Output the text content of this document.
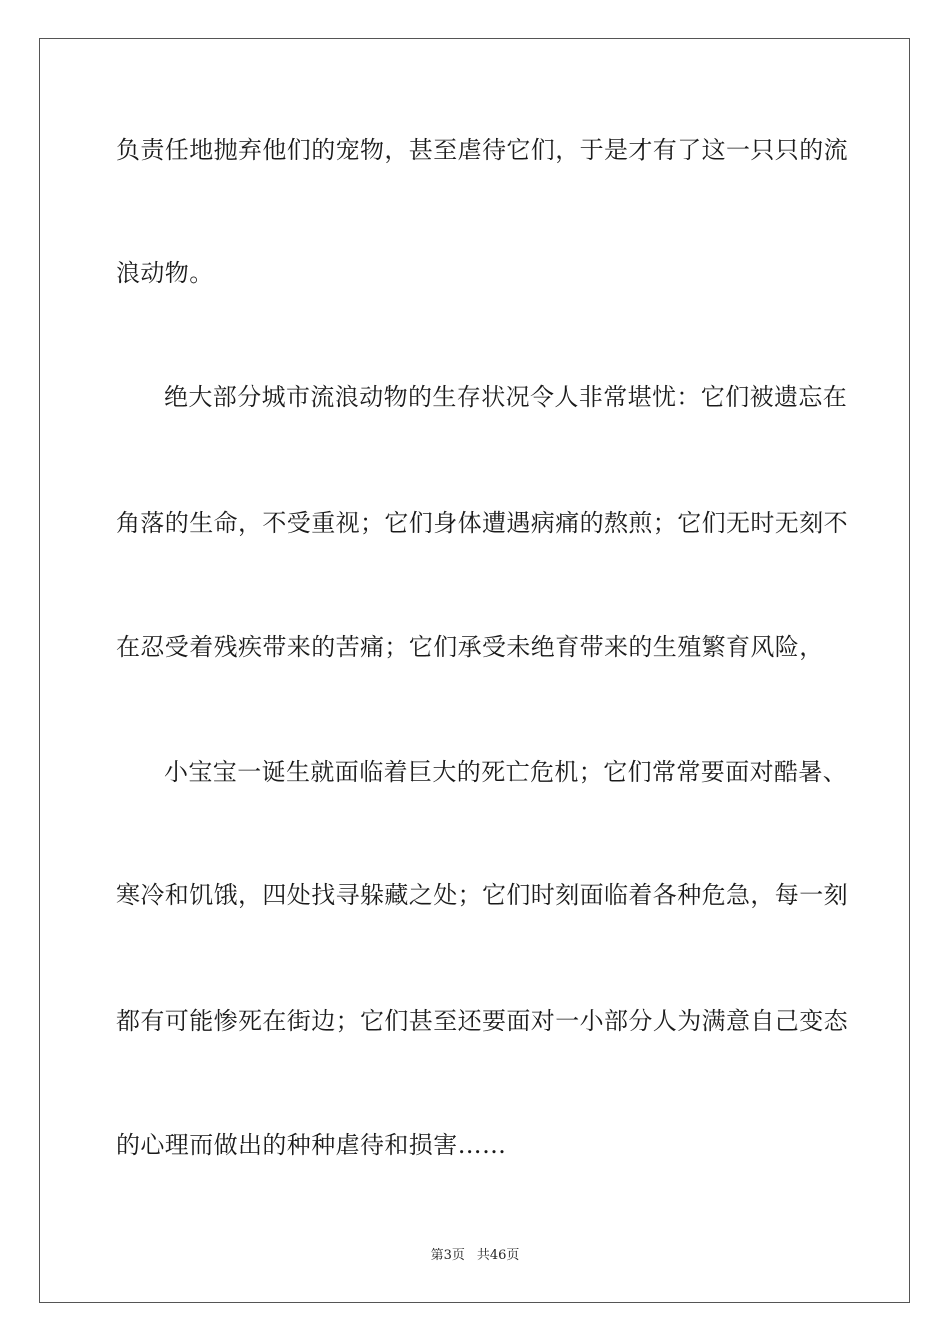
负责任地抛弃他们的宠物，甚至虐待它们，于是才有了这一只只的流
浪动物。
绝大部分城市流浪动物的生存状况令人非常堪忧：它们被遗忘在
角落的生命，不受重视；它们身体遭遇病痛的熬煎；它们无时无刻不
在忍受着残疾带来的苦痛；它们承受未绝育带来的生殖繁育风险，
小宝宝一诞生就面临着巨大的死亡危机；它们常常要面对酷暑、
寒冷和饥饿，四处找寻躲藏之处；它们时刻面临着各种危急，每一刻
都有可能惨死在街边；它们甚至还要面对一小部分人为满意自己变态
的心理而做出的种种虐待和损害……
第3页 共46页
